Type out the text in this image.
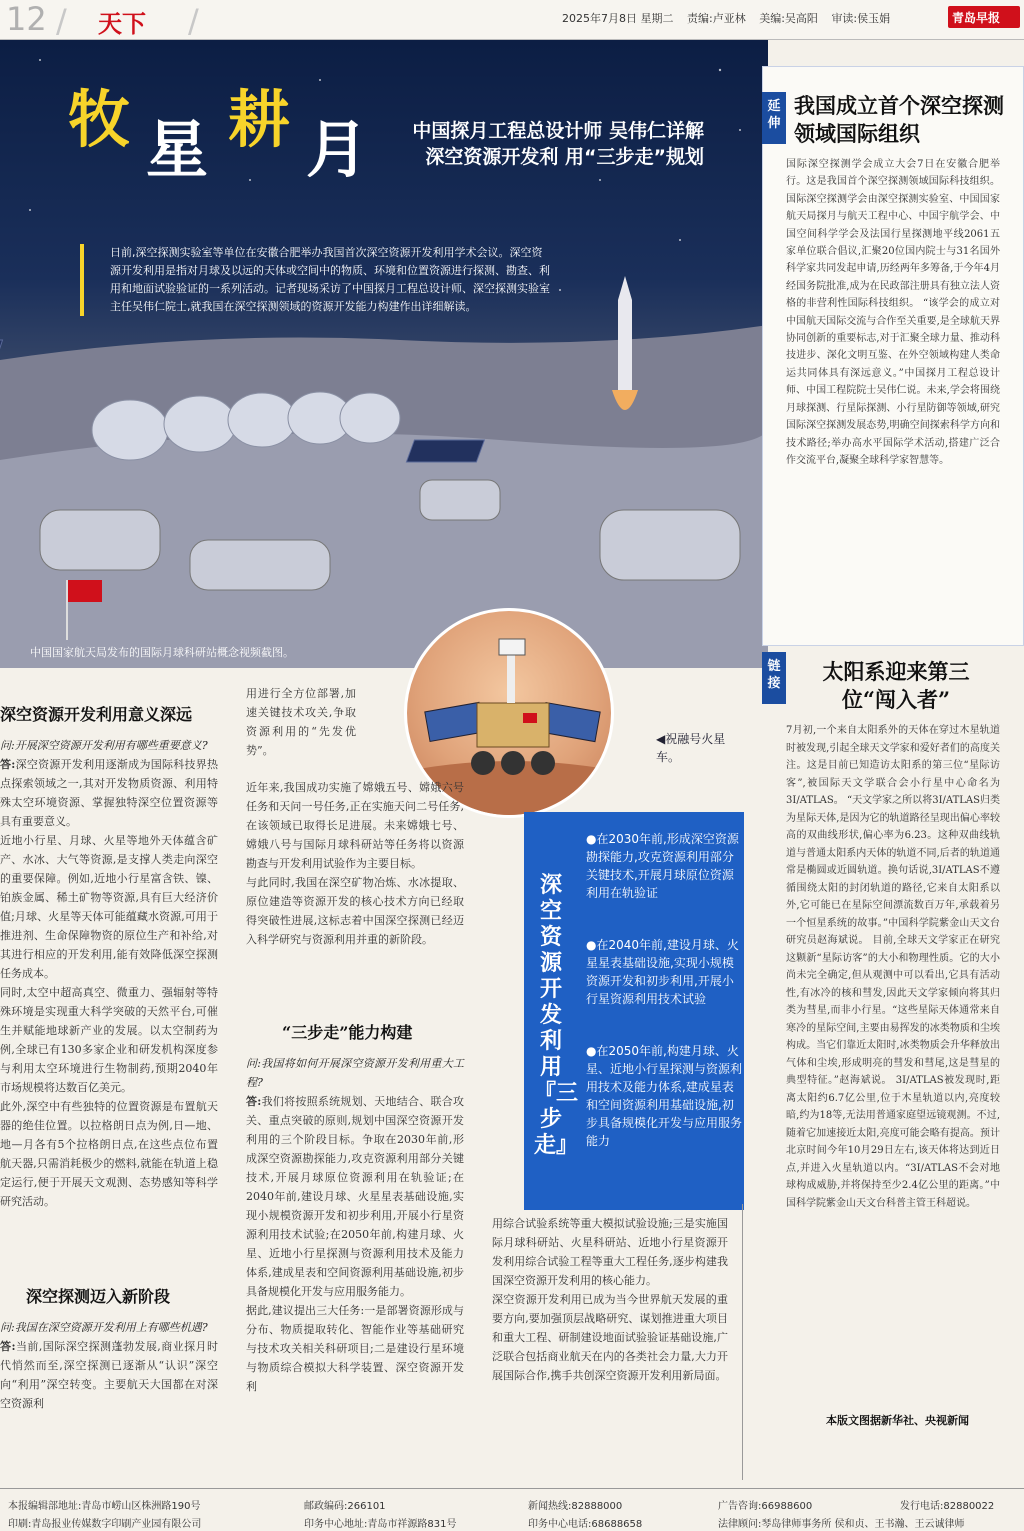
12 / 天下 /	2025年7月8日 星期二 责编:卢亚林 美编:吴高阳 审读:侯玉娟	青岛早报
牧 星 耕 月	中国探月工程总设计师 吴伟仁详解深空资源开发利 用“三步走”规划
日前,深空探测实验室等单位在安徽合肥举办我国首次深空资源开发利用学术会议。深空资源开发利用是指对月球及以远的天体或空间中的物质、环境和位置资源进行探测、勘查、利用和地面试验验证的一系列活动。记者现场采访了中国探月工程总设计师、深空探测实验室主任吴伟仁院士,就我国在深空探测领域的资源开发能力构建作出详细解读。
中国国家航天局发布的国际月球科研站概念视频截图。
◀祝融号火星车。
延伸
我国成立首个深空探测领域国际组织
国际深空探测学会成立大会7日在安徽合肥举行。这是我国首个深空探测领域国际科技组织。 国际深空探测学会由深空探测实验室、中国国家航天局探月与航天工程中心、中国宇航学会、中国空间科学学会及法国行星探测地平线2061五家单位联合倡议,汇聚20位国内院士与31名国外科学家共同发起申请,历经两年多筹备,于今年4月经国务院批准,成为在民政部注册具有独立法人资格的非营利性国际科技组织。 “该学会的成立对中国航天国际交流与合作至关重要,是全球航天界协同创新的重要标志,对于汇聚全球力量、推动科技进步、深化文明互鉴、在外空领域构建人类命运共同体具有深远意义。”中国探月工程总设计师、中国工程院院士吴伟仁说。未来,学会将围绕月球探测、行星际探测、小行星防御等领域,研究国际深空探测发展态势,明确空间探索科学方向和技术路径;举办高水平国际学术活动,搭建广泛合作交流平台,凝聚全球科学家智慧等。
链接	太阳系迎来第三位“闯入者”
7月初,一个来自太阳系外的天体在穿过木星轨道时被发现,引起全球天文学家和爱好者们的高度关注。这是目前已知造访太阳系的第三位“星际访客”,被国际天文学联合会小行星中心命名为3I/ATLAS。 “天文学家之所以将3I/ATLAS归类为星际天体,是因为它的轨道路径呈现出偏心率较高的双曲线形状,偏心率为6.23。这种双曲线轨道与普通太阳系内天体的轨道不同,后者的轨道通常是椭圆或近圆轨道。换句话说,3I/ATLAS不遵循围绕太阳的封闭轨道的路径,它来自太阳系以外,它可能已在星际空间漂流数百万年,承载着另一个恒星系统的故事。”中国科学院紫金山天文台研究员赵海斌说。 目前,全球天文学家正在研究这颗新“星际访客”的大小和物理性质。它的大小尚未完全确定,但从观测中可以看出,它具有活动性,有冰冷的核和彗发,因此天文学家倾向将其归类为彗星,而非小行星。“这些星际天体通常来自寒冷的星际空间,主要由易挥发的冰类物质和尘埃构成。当它们靠近太阳时,冰类物质会升华释放出气体和尘埃,形成明亮的彗发和彗尾,这是彗星的典型特征。”赵海斌说。 3I/ATLAS被发现时,距离太阳约6.7亿公里,位于木星轨道以内,亮度较暗,约为18等,无法用普通家庭望远镜观测。不过,随着它加速接近太阳,亮度可能会略有提高。预计北京时间今年10月29日左右,该天体将达到近日点,并进入火星轨道以内。“3I/ATLAS不会对地球构成威胁,并将保持至少2.4亿公里的距离。”中国科学院紫金山天文台科普主管王科超说。
本版文图据新华社、央视新闻
深空资源开发利用意义深远
问:开展深空资源开发利用有哪些重要意义?
答:深空资源开发利用逐渐成为国际科技界热点探索领域之一,其对开发物质资源、利用特殊太空环境资源、掌握独特深空位置资源等具有重要意义。
近地小行星、月球、火星等地外天体蕴含矿产、水冰、大气等资源,是支撑人类走向深空的重要保障。例如,近地小行星富含铁、镍、铂族金属、稀土矿物等资源,具有巨大经济价值;月球、火星等天体可能蕴藏水资源,可用于推进剂、生命保障物资的原位生产和补给,对其进行相应的开发利用,能有效降低深空探测任务成本。
同时,太空中超高真空、微重力、强辐射等特殊环境是实现重大科学突破的天然平台,可催生并赋能地球新产业的发展。以太空制药为例,全球已有130多家企业和研发机构深度参与利用太空环境进行生物制药,预期2040年市场规模将达数百亿美元。
此外,深空中有些独特的位置资源是布置航天器的绝佳位置。以拉格朗日点为例,日—地、地—月各有5个拉格朗日点,在这些点位布置航天器,只需消耗极少的燃料,就能在轨道上稳定运行,便于开展天文观测、态势感知等科学研究活动。
深空探测迈入新阶段
问:我国在深空资源开发利用上有哪些机遇?
答:当前,国际深空探测蓬勃发展,商业探月时代悄然而至,深空探测已逐渐从“认识”深空向“利用”深空转变。主要航天大国都在对深空资源利
用进行全方位部署,加速关键技术攻关,争取资源利用的“先发优势”。
近年来,我国成功实施了嫦娥五号、嫦娥六号任务和天问一号任务,正在实施天问二号任务,在该领域已取得长足进展。未来嫦娥七号、嫦娥八号与国际月球科研站等任务将以资源勘查与开发利用试验作为主要目标。
与此同时,我国在深空矿物冶炼、水冰提取、原位建造等资源开发的核心技术方向已经取得突破性进展,这标志着中国深空探测已经迈入科学研究与资源利用并重的新阶段。
“三步走”能力构建
问:我国将如何开展深空资源开发利用重大工程?
答:我们将按照系统规划、天地结合、联合攻关、重点突破的原则,规划中国深空资源开发利用的三个阶段目标。争取在2030年前,形成深空资源勘探能力,攻克资源利用部分关键技术,开展月球原位资源利用在轨验证;在2040年前,建设月球、火星星表基础设施,实现小规模资源开发和初步利用,开展小行星资源利用技术试验;在2050年前,构建月球、火星、近地小行星探测与资源利用技术及能力体系,建成星表和空间资源利用基础设施,初步具备规模化开发与应用服务能力。
据此,建议提出三大任务:一是部署资源形成与分布、物质提取转化、智能作业等基础研究与技术攻关相关科研项目;二是建设行星环境与物质综合模拟大科学装置、深空资源开发利
深空资源开发利用『三步走』
●在2030年前,形成深空资源勘探能力,攻克资源利用部分关键技术,开展月球原位资源利用在轨验证
●在2040年前,建设月球、火星星表基础设施,实现小规模资源开发和初步利用,开展小行星资源利用技术试验
●在2050年前,构建月球、火星、近地小行星探测与资源利用技术及能力体系,建成星表和空间资源利用基础设施,初步具备规模化开发与应用服务能力
用综合试验系统等重大模拟试验设施;三是实施国际月球科研站、火星科研站、近地小行星资源开发利用综合试验工程等重大工程任务,逐步构建我国深空资源开发利用的核心能力。
深空资源开发利用已成为当今世界航天发展的重要方向,要加强顶层战略研究、谋划推进重大项目和重大工程、研制建设地面试验验证基础设施,广泛联合包括商业航天在内的各类社会力量,大力开展国际合作,携手共创深空资源开发利用新局面。
本报编辑部地址:青岛市崂山区株洲路190号	邮政编码:266101	新闻热线:82888000	广告咨询:66988600	发行电话:82880022
印刷:青岛报业传媒数字印刷产业园有限公司	印务中心地址:青岛市祥源路831号	印务中心电话:68688658	法律顾问:琴岛律师事务所 侯和贞、王书瀚、王云诚律师
